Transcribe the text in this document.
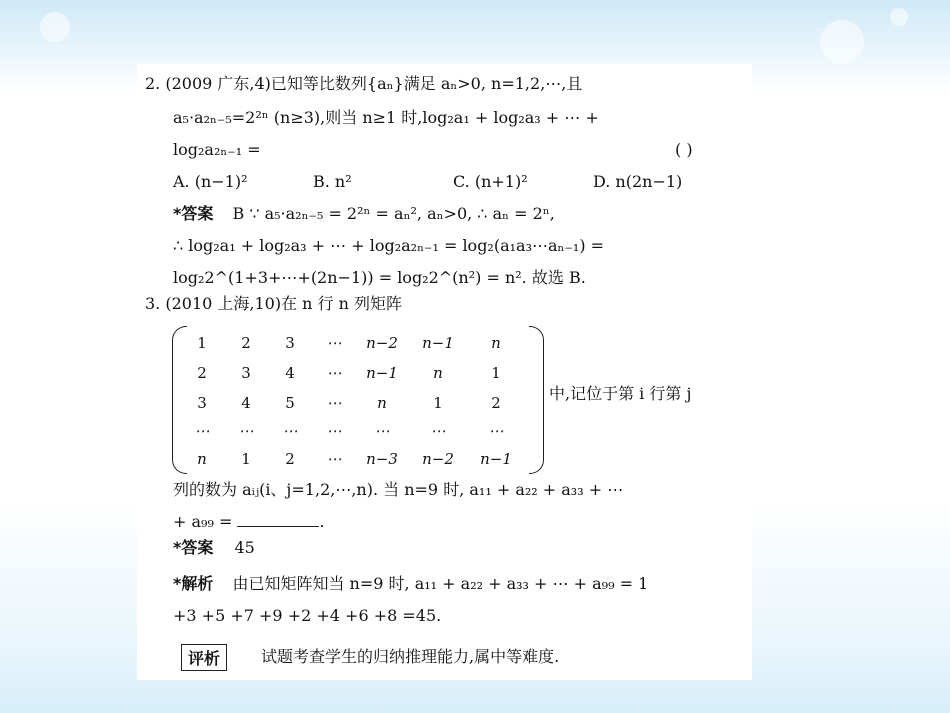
2. (2009 广东,4)已知等比数列{aₙ}满足 aₙ>0, n=1,2,⋯,且
a₅·a₂ₙ₋₅=2²ⁿ (n≥3),则当 n≥1 时,log₂a₁ + log₂a₃ + ⋯ +
log₂a₂ₙ₋₁ =	( )
A. (n−1)²	B. n²	C. (n+1)²	D. n(2n−1)
*答案 B ∵ a₅·a₂ₙ₋₅ = 2²ⁿ = aₙ², aₙ>0, ∴ aₙ = 2ⁿ,
∴ log₂a₁ + log₂a₃ + ⋯ + log₂a₂ₙ₋₁ = log₂(a₁a₃⋯aₙ₋₁) =
log₂2^(1+3+⋯+(2n−1)) = log₂2^(n²) = n². 故选 B.
3. (2010 上海,10)在 n 行 n 列矩阵
1	2	3	⋯	n−2	n−1	n
2	3	4	⋯	n−1	n	1
3	4	5	⋯	n	1	2
⋯	⋯	⋯	⋯	⋯	⋯	⋯
n	1	2	⋯	n−3	n−2	n−1
中,记位于第 i 行第 j
列的数为 aᵢⱼ(i、j=1,2,⋯,n). 当 n=9 时, a₁₁ + a₂₂ + a₃₃ + ⋯
+ a₉₉ =	.
*答案 45
*解析 由已知矩阵知当 n=9 时, a₁₁ + a₂₂ + a₃₃ + ⋯ + a₉₉ = 1
+3 +5 +7 +9 +2 +4 +6 +8 =45.
评析	试题考查学生的归纳推理能力,属中等难度.
